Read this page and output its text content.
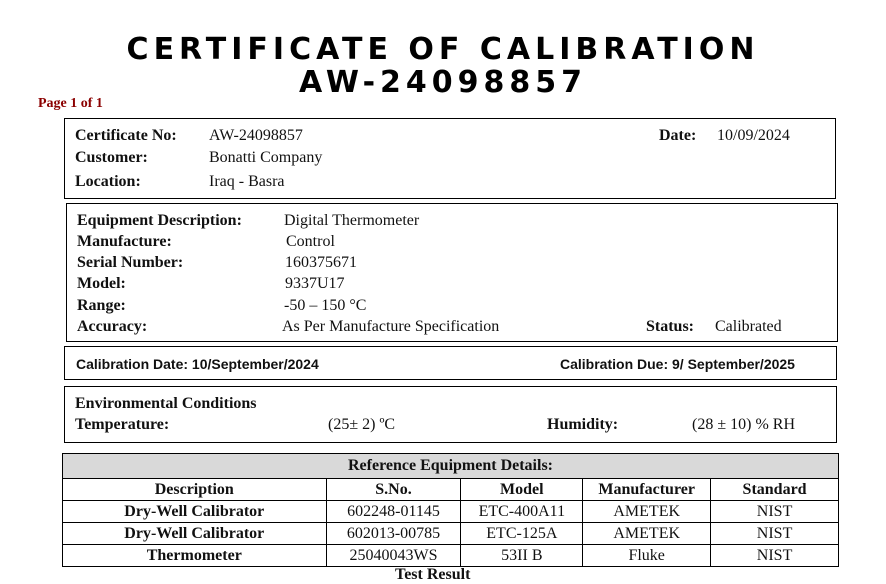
CERTIFICATE OF CALIBRATION
AW-24098857
Page 1 of 1
Certificate No: AW-24098857	Date: 10/09/2024
Customer:	Bonatti Company
Location:	Iraq - Basra
Equipment Description:	Digital Thermometer
Manufacture:	Control
Serial Number:	160375671
Model:	9337U17
Range:	-50 – 150 °C
Accuracy:	As Per Manufacture Specification	Status: Calibrated
Calibration Date: 10/September/2024	Calibration Due: 9/ September/2025
Environmental Conditions
Temperature:	(25± 2) ºC	Humidity:	(28 ± 10) % RH
Reference Equipment Details:				
Description	S.No.	Model	Manufacturer	Standard
Dry-Well Calibrator	602248-01145	ETC-400A11	AMETEK	NIST
Dry-Well Calibrator	602013-00785	ETC-125A	AMETEK	NIST
Thermometer	25040043WS	53II B	Fluke	NIST
Test Result
